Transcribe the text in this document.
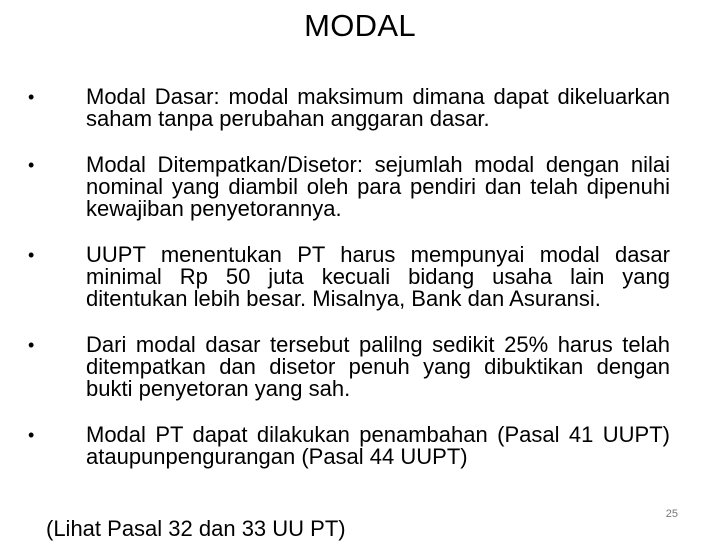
MODAL
• Modal Dasar: modal maksimum dimana dapat dikeluarkan saham tanpa perubahan anggaran dasar.
• Modal Ditempatkan/Disetor: sejumlah modal dengan nilai nominal yang diambil oleh para pendiri dan telah dipenuhi kewajiban penyetorannya.
• UUPT menentukan PT harus mempunyai modal dasar minimal Rp 50 juta kecuali bidang usaha lain yang ditentukan lebih besar. Misalnya, Bank dan Asuransi.
• Dari modal dasar tersebut palilng sedikit 25% harus telah ditempatkan dan disetor penuh yang dibuktikan dengan bukti penyetoran yang sah.
• Modal PT dapat dilakukan penambahan (Pasal 41 UUPT) ataupunpengurangan (Pasal 44 UUPT)
(Lihat Pasal 32 dan 33 UU PT)
25
